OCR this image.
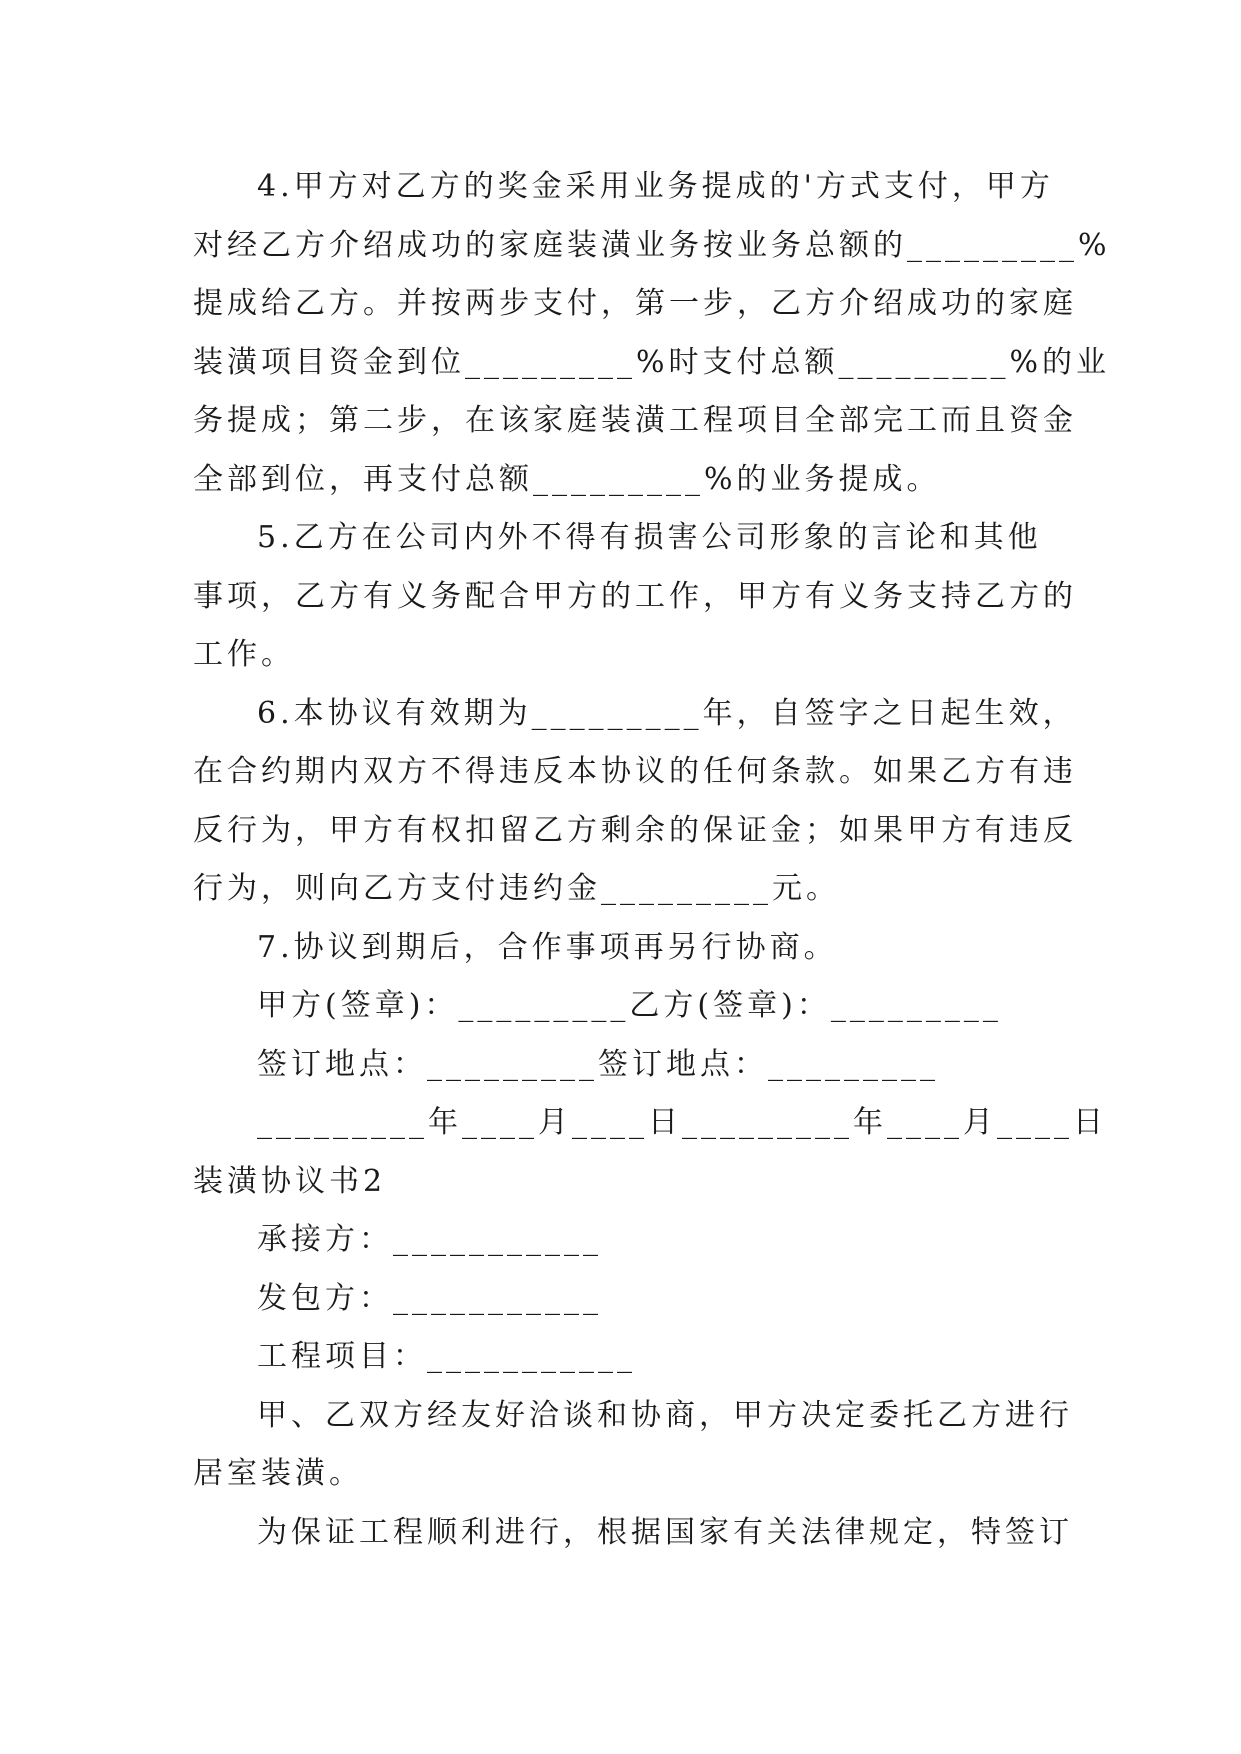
4.甲方对乙方的奖金采用业务提成的'方式支付，甲方
对经乙方介绍成功的家庭装潢业务按业务总额的_________%
提成给乙方。并按两步支付，第一步，乙方介绍成功的家庭
装潢项目资金到位_________%时支付总额_________%的业
务提成；第二步，在该家庭装潢工程项目全部完工而且资金
全部到位，再支付总额_________%的业务提成。
5.乙方在公司内外不得有损害公司形象的言论和其他
事项，乙方有义务配合甲方的工作，甲方有义务支持乙方的
工作。
6.本协议有效期为_________年，自签字之日起生效，
在合约期内双方不得违反本协议的任何条款。如果乙方有违
反行为，甲方有权扣留乙方剩余的保证金；如果甲方有违反
行为，则向乙方支付违约金_________元。
7.协议到期后，合作事项再另行协商。
甲方(签章)：_________乙方(签章)：_________
签订地点：_________签订地点：_________
_________年____月____日_________年____月____日
装潢协议书2
承接方：___________
发包方：___________
工程项目：___________
甲、乙双方经友好洽谈和协商，甲方决定委托乙方进行
居室装潢。
为保证工程顺利进行，根据国家有关法律规定，特签订
